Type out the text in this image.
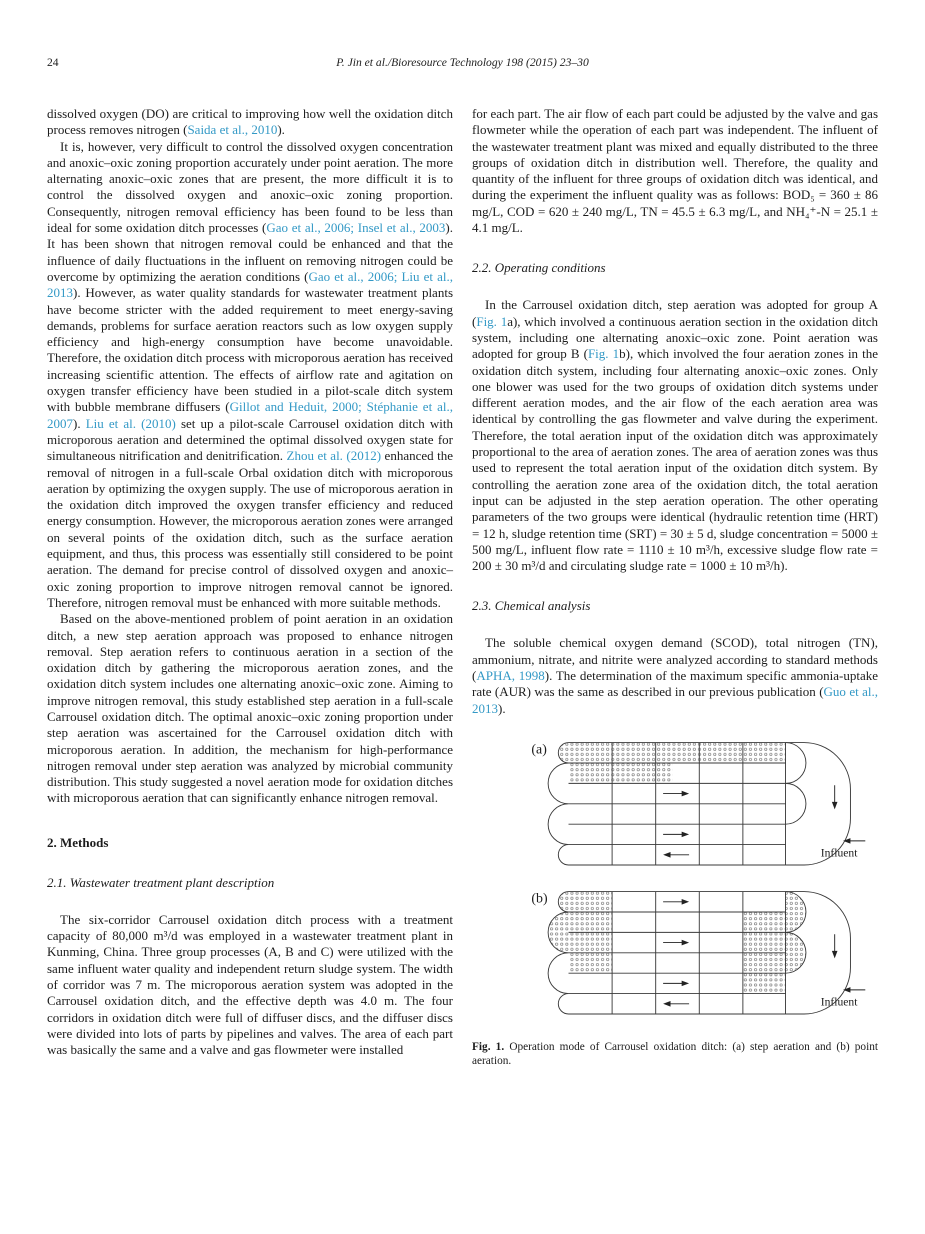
24	P. Jin et al./Bioresource Technology 198 (2015) 23–30

dissolved oxygen (DO) are critical to improving how well the oxidation ditch process removes nitrogen (Saida et al., 2010).

It is, however, very difficult to control the dissolved oxygen concentration and anoxic–oxic zoning proportion accurately under point aeration. The more alternating anoxic–oxic zones that are present, the more difficult it is to control the dissolved oxygen and anoxic–oxic zoning proportion. Consequently, nitrogen removal efficiency has been found to be less than ideal for some oxidation ditch processes (Gao et al., 2006; Insel et al., 2003). It has been shown that nitrogen removal could be enhanced and that the influence of daily fluctuations in the influent on removing nitrogen could be overcome by optimizing the aeration conditions (Gao et al., 2006; Liu et al., 2013). However, as water quality standards for wastewater treatment plants have become stricter with the added requirement to meet energy-saving demands, problems for surface aeration reactors such as low oxygen supply efficiency and high-energy consumption have become unavoidable. Therefore, the oxidation ditch process with microporous aeration has received increasing scientific attention. The effects of airflow rate and agitation on oxygen transfer efficiency have been studied in a pilot-scale ditch system with bubble membrane diffusers (Gillot and Heduit, 2000; Stéphanie et al., 2007). Liu et al. (2010) set up a pilot-scale Carrousel oxidation ditch with microporous aeration and determined the optimal dissolved oxygen state for simultaneous nitrification and denitrification. Zhou et al. (2012) enhanced the removal of nitrogen in a full-scale Orbal oxidation ditch with microporous aeration by optimizing the oxygen supply. The use of microporous aeration in the oxidation ditch improved the oxygen transfer efficiency and reduced energy consumption. However, the microporous aeration zones were arranged on several points of the oxidation ditch, such as the surface aeration equipment, and thus, this process was essentially still considered to be point aeration. The demand for precise control of dissolved oxygen and anoxic–oxic zoning proportion to improve nitrogen removal cannot be ignored. Therefore, nitrogen removal must be enhanced with more suitable methods.

Based on the above-mentioned problem of point aeration in an oxidation ditch, a new step aeration approach was proposed to enhance nitrogen removal. Step aeration refers to continuous aeration in a section of the oxidation ditch by gathering the microporous aeration zones, and the oxidation ditch system includes one alternating anoxic–oxic zone. Aiming to improve nitrogen removal, this study established step aeration in a full-scale Carrousel oxidation ditch. The optimal anoxic–oxic zoning proportion under step aeration was ascertained for the Carrousel oxidation ditch with microporous aeration. In addition, the mechanism for high-performance nitrogen removal under step aeration was analyzed by microbial community distribution. This study suggested a novel aeration mode for oxidation ditches with microporous aeration that can significantly enhance nitrogen removal.

2. Methods
2.1. Wastewater treatment plant description

The six-corridor Carrousel oxidation ditch process with a treatment capacity of 80,000 m³/d was employed in a wastewater treatment plant in Kunming, China. Three group processes (A, B and C) were utilized with the same influent water quality and independent return sludge system. The width of corridor was 7 m. The microporous aeration system was adopted in the Carrousel oxidation ditch, and the effective depth was 4.0 m. The four corridors in oxidation ditch were full of diffuser discs, and the diffuser discs were divided into lots of parts by pipelines and valves. The area of each part was basically the same and a valve and gas flowmeter were installed

for each part. The air flow of each part could be adjusted by the valve and gas flowmeter while the operation of each part was independent. The influent of the wastewater treatment plant was mixed and equally distributed to the three groups of oxidation ditch in distribution well. Therefore, the quality and quantity of the influent for three groups of oxidation ditch was identical, and during the experiment the influent quality was as follows: BOD₅ = 360 ± 86 mg/L, COD = 620 ± 240 mg/L, TN = 45.5 ± 6.3 mg/L, and NH₄⁺-N = 25.1 ± 4.1 mg/L.

2.2. Operating conditions

In the Carrousel oxidation ditch, step aeration was adopted for group A (Fig. 1a), which involved a continuous aeration section in the oxidation ditch system, including one alternating anoxic–oxic zone. Point aeration was adopted for group B (Fig. 1b), which involved the four aeration zones in the oxidation ditch system, including four alternating anoxic–oxic zones. Only one blower was used for the two groups of oxidation ditch systems under different aeration modes, and the air flow of the each aeration area was identical by controlling the gas flowmeter and valve during the experiment. Therefore, the total aeration input of the oxidation ditch was approximately proportional to the area of aeration zones. The area of aeration zones was thus used to represent the total aeration input of the oxidation ditch system. By controlling the aeration zone area of the oxidation ditch, the total aeration input can be adjusted in the step aeration operation. The other operating parameters of the two groups were identical (hydraulic retention time (HRT) = 12 h, sludge retention time (SRT) = 30 ± 5 d, sludge concentration = 5000 ± 500 mg/L, influent flow rate = 1110 ± 10 m³/h, excessive sludge flow rate = 200 ± 30 m³/d and circulating sludge rate = 1000 ± 10 m³/h).

2.3. Chemical analysis

The soluble chemical oxygen demand (SCOD), total nitrogen (TN), ammonium, nitrate, and nitrite were analyzed according to standard methods (APHA, 1998). The determination of the maximum specific ammonia-uptake rate (AUR) was the same as described in our previous publication (Guo et al., 2013).

(a)
Influent
(b)
Influent
Fig. 1. Operation mode of Carrousel oxidation ditch: (a) step aeration and (b) point aeration.
